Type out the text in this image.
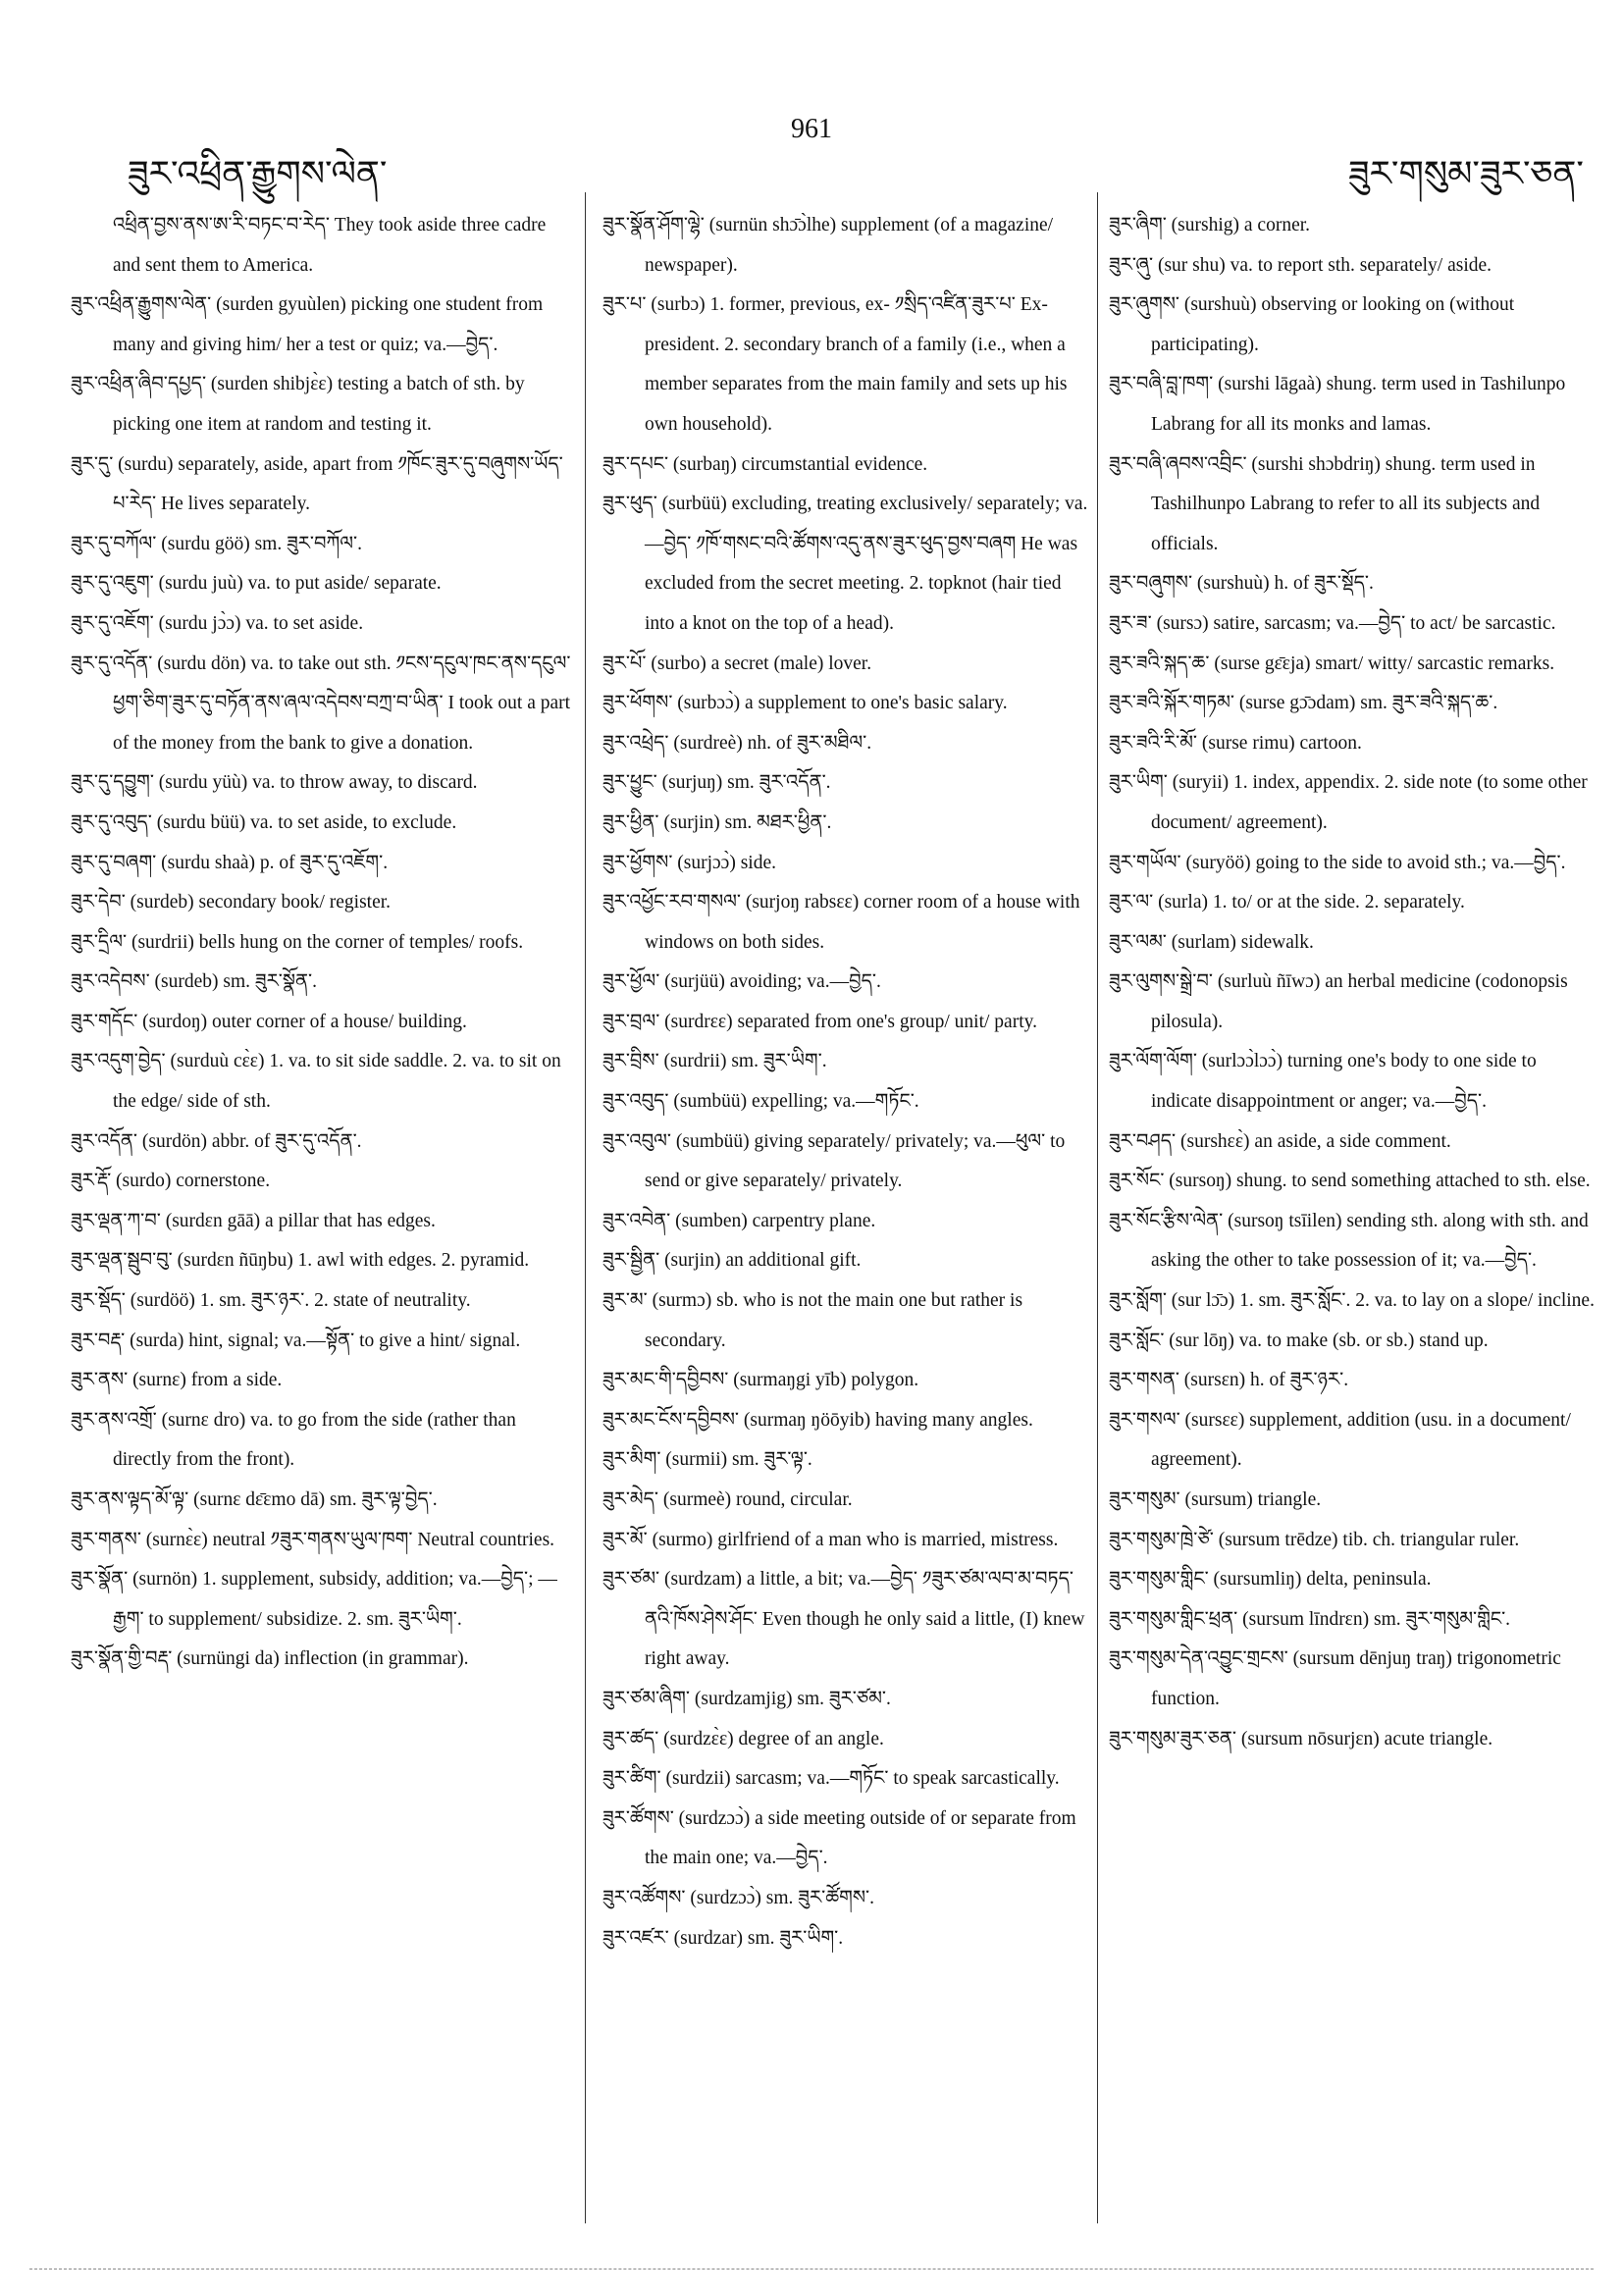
ཟུར་འཕྲིན་རྒྱུགས་ལེན་
961
ཟུར་གསུམ་ཟུར་ཅན་

འཕྲིན་བྱས་ནས་ཨ་རི་བཏང་བ་རེད་ They took aside three cadre and sent them to America.

ཟུར་འཕྲིན་རྒྱུགས་ལེན་ (surden gyuùlen) picking one student from many and giving him/ her a test or quiz; va.—བྱེད་.

ཟུར་འཕྲིན་ཞིབ་དཔྱད་ (surden shibjɛ̀ɛ) testing a batch of sth. by picking one item at random and testing it.

ཟུར་དུ་ (surdu) separately, aside, apart from ༡ཁོང་ཟུར་དུ་བཞུགས་ཡོད་པ་རེད་ He lives separately.

ཟུར་དུ་བཀོལ་ (surdu göö) sm. ཟུར་བཀོལ་.

ཟུར་དུ་འཇུག་ (surdu juù) va. to put aside/ separate.

ཟུར་དུ་འཇོག་ (surdu jɔ̀ɔ) va. to set aside.

ཟུར་དུ་འདོན་ (surdu dön) va. to take out sth. ༡ངས་དངུལ་ཁང་ནས་དངུལ་ཕྱག་ཅིག་ཟུར་དུ་བཏོན་ནས་ཞལ་འདེབས་བཀྲ་བ་ཡིན་ I took out a part of the money from the bank to give a donation.

ཟུར་དུ་དབྱུག་ (surdu yüù) va. to throw away, to discard.

ཟུར་དུ་འབུད་ (surdu büü) va. to set aside, to exclude.

ཟུར་དུ་བཞག་ (surdu shaà) p. of ཟུར་དུ་འཇོག་.

ཟུར་དེབ་ (surdeb) secondary book/ register.

ཟུར་དྲིལ་ (surdrii) bells hung on the corner of temples/ roofs.

ཟུར་འདེབས་ (surdeb) sm. ཟུར་སྣོན་.

ཟུར་གདོང་ (surdoŋ) outer corner of a house/ building.

ཟུར་འདུག་བྱེད་ (surduù cɛ̀ɛ) 1. va. to sit side saddle. 2. va. to sit on the edge/ side of sth.

ཟུར་འདོན་ (surdön) abbr. of ཟུར་དུ་འདོན་.

ཟུར་རྡོ་ (surdo) cornerstone.

ཟུར་ལྡན་ཀ་བ་ (surdɛn gāā) a pillar that has edges.

ཟུར་ལྡན་སྦུབ་བུ་ (surdɛn ñūŋbu) 1. awl with edges. 2. pyramid.

ཟུར་སྡོད་ (surdöö) 1. sm. ཟུར་ཉར་. 2. state of neutrality.

ཟུར་བརྡ་ (surda) hint, signal; va.—སྟོན་ to give a hint/ signal.

ཟུར་ནས་ (surnɛ) from a side.

ཟུར་ནས་འགྲོ་ (surnɛ dro) va. to go from the side (rather than directly from the front).

ཟུར་ནས་ལྟད་མོ་ལྟ་ (surnɛ dɛ̄ɛmo dā) sm. ཟུར་ལྟ་བྱེད་.

ཟུར་གནས་ (surnɛ̀ɛ) neutral ༡ཟུར་གནས་ཡུལ་ཁག་ Neutral countries.

ཟུར་སྣོན་ (surnön) 1. supplement, subsidy, addition; va.—བྱེད་; —རྒྱག་ to supplement/ subsidize. 2. sm. ཟུར་ཡིག་.

ཟུར་སྣོན་གྱི་བརྡ་ (surnüngi da) inflection (in grammar).

ཟུར་སྣོན་ཤོག་ལྷེ་ (surnün shɔ̄ɔ̀lhe) supplement (of a magazine/ newspaper).

ཟུར་པ་ (surbɔ) 1. former, previous, ex- ༡སྲིད་འཛིན་ཟུར་པ་ Ex-president. 2. secondary branch of a family (i.e., when a member separates from the main family and sets up his own household).

ཟུར་དཔང་ (surbaŋ) circumstantial evidence.

ཟུར་ཕུད་ (surbüü) excluding, treating exclusively/ separately; va.—བྱེད་ ༡ཁོ་གསང་བའི་ཚོགས་འདུ་ནས་ཟུར་ཕུད་བྱས་བཞག He was excluded from the secret meeting. 2. topknot (hair tied into a knot on the top of a head).

ཟུར་པོ་ (surbo) a secret (male) lover.

ཟུར་ཕོགས་ (surbɔɔ̀) a supplement to one's basic salary.

ཟུར་འཕྲེད་ (surdreè) nh. of ཟུར་མཐིལ་.

ཟུར་ཕྱུང་ (surjuŋ) sm. ཟུར་འདོན་.

ཟུར་ཕྱིན་ (surjin) sm. མཐར་ཕྱིན་.

ཟུར་ཕྱོགས་ (surjɔɔ̀) side.

ཟུར་འཕྱོང་རབ་གསལ་ (surjoŋ rabsɛɛ) corner room of a house with windows on both sides.

ཟུར་ཕྱོལ་ (surjüü) avoiding; va.—བྱེད་.

ཟུར་བྲལ་ (surdrɛɛ) separated from one's group/ unit/ party.

ཟུར་བྲིས་ (surdrii) sm. ཟུར་ཡིག་.

ཟུར་འབུད་ (sumbüü) expelling; va.—གཏོང་.

ཟུར་འབུལ་ (sumbüü) giving separately/ privately; va.—ཕུལ་ to send or give separately/ privately.

ཟུར་འབེན་ (sumben) carpentry plane.

ཟུར་སྦྱིན་ (surjin) an additional gift.

ཟུར་མ་ (surmɔ) sb. who is not the main one but rather is secondary.

ཟུར་མང་གི་དབྱིབས་ (surmaŋgi yīb) polygon.

ཟུར་མང་ངོས་དབྱིབས་ (surmaŋ ŋöōyib) having many angles.

ཟུར་མིག་ (surmii) sm. ཟུར་ལྟ་.

ཟུར་མེད་ (surmeè) round, circular.

ཟུར་མོ་ (surmo) girlfriend of a man who is married, mistress.

ཟུར་ཙམ་ (surdzam) a little, a bit; va.—བྱེད་ ༡ཟུར་ཙམ་ལབ་མ་བཏད་ནའི་ཁོས་ཤེས་ཤོང་ Even though he only said a little, (I) knew right away.

ཟུར་ཙམ་ཞིག་ (surdzamjig) sm. ཟུར་ཙམ་.

ཟུར་ཚད་ (surdzɛ̀ɛ) degree of an angle.

ཟུར་ཚིག་ (surdzii) sarcasm; va.—གཏོང་ to speak sarcastically.

ཟུར་ཚོགས་ (surdzɔɔ̀) a side meeting outside of or separate from the main one; va.—བྱེད་.

ཟུར་འཚོགས་ (surdzɔɔ̀) sm. ཟུར་ཚོགས་.

ཟུར་འཛར་ (surdzar) sm. ཟུར་ཡིག་.

ཟུར་ཞིག་ (surshig) a corner.

ཟུར་ཞུ་ (sur shu) va. to report sth. separately/ aside.

ཟུར་ཞུགས་ (surshuù) observing or looking on (without participating).

ཟུར་བཞི་བླ་ཁག་ (surshi lāgaà) shung. term used in Tashilunpo Labrang for all its monks and lamas.

ཟུར་བཞི་ཞབས་འབྲིང་ (surshi shɔbdriŋ) shung. term used in Tashilhunpo Labrang to refer to all its subjects and officials.

ཟུར་བཞུགས་ (surshuù) h. of ཟུར་སྡོད་.

ཟུར་ཟ་ (sursɔ) satire, sarcasm; va.—བྱེད་ to act/ be sarcastic.

ཟུར་ཟའི་སྐད་ཆ་ (surse gɛ̄ɛja) smart/ witty/ sarcastic remarks.

ཟུར་ཟའི་སྐོར་གཏམ་ (surse gɔ̄ɔdam) sm. ཟུར་ཟའི་སྐད་ཆ་.

ཟུར་ཟའི་རི་མོ་ (surse rimu) cartoon.

ཟུར་ཡིག་ (suryii) 1. index, appendix. 2. side note (to some other document/ agreement).

ཟུར་གཡོལ་ (suryöö) going to the side to avoid sth.; va.—བྱེད་.

ཟུར་ལ་ (surla) 1. to/ or at the side. 2. separately.

ཟུར་ལམ་ (surlam) sidewalk.

ཟུར་ལུགས་སྒྲེ་བ་ (surluù ñīwɔ) an herbal medicine (codonopsis pilosula).

ཟུར་ལོག་ལོག་ (surlɔɔ̀lɔɔ̀) turning one's body to one side to indicate disappointment or anger; va.—བྱེད་.

ཟུར་བཤད་ (surshɛɛ̀) an aside, a side comment.

ཟུར་སོང་ (sursoŋ) shung. to send something attached to sth. else.

ཟུར་སོང་རྩིས་ལེན་ (sursoŋ tsīilen) sending sth. along with sth. and asking the other to take possession of it; va.—བྱེད་.

ཟུར་སློག་ (sur lɔ̄ɔ) 1. sm. ཟུར་སློང་. 2. va. to lay on a slope/ incline.

ཟུར་སློང་ (sur lōŋ) va. to make (sb. or sb.) stand up.

ཟུར་གསན་ (sursɛn) h. of ཟུར་ཉར་.

ཟུར་གསལ་ (sursɛɛ) supplement, addition (usu. in a document/ agreement).

ཟུར་གསུམ་ (sursum) triangle.

ཟུར་གསུམ་ཁྲེ་ཙེ་ (sursum trēdze) tib. ch. triangular ruler.

ཟུར་གསུམ་གླིང་ (sursumliŋ) delta, peninsula.

ཟུར་གསུམ་གླིང་ཕྲན་ (sursum līndrɛn) sm. ཟུར་གསུམ་གླིང་.

ཟུར་གསུམ་དེན་འབྱུང་གྲངས་ (sursum dēnjuŋ traŋ) trigonometric function.

ཟུར་གསུམ་ཟུར་ཅན་ (sursum nōsurjɛn) acute triangle.
